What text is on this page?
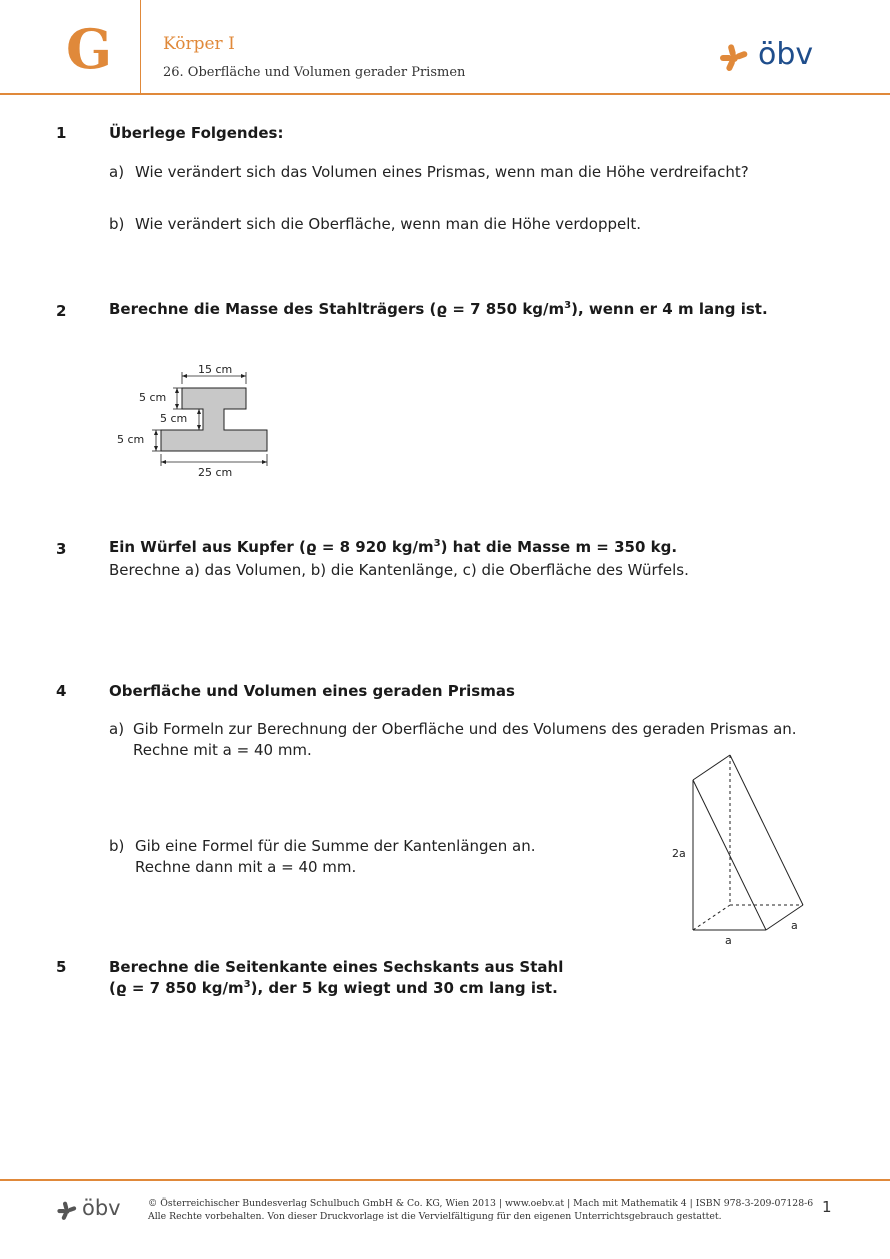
G	Körper I
26. Oberfläche und Volumen gerader Prismen
öbv
1	Überlege Folgendes:
a) Wie verändert sich das Volumen eines Prismas, wenn man die Höhe verdreifacht?
b) Wie verändert sich die Oberfläche, wenn man die Höhe verdoppelt.
2	Berechne die Masse des Stahlträgers (ϱ = 7 850 $kg/m^3$), wenn er 4 m lang ist.
15 cm
5 cm
5 cm
5 cm
25 cm
3	Ein Würfel aus Kupfer (ϱ = 8 920 $kg/m^3$) hat die Masse m = 350 kg.
Berechne a) das Volumen, b) die Kantenlänge, c) die Oberfläche des Würfels.
4	Oberfläche und Volumen eines geraden Prismas
a) Gib Formeln zur Berechnung der Oberfläche und des Volumens des geraden Prismas an.
Rechne mit a = 40 mm.
b) Gib eine Formel für die Summe der Kantenlängen an.
Rechne dann mit a = 40 mm.
2a
a
a
5	Berechne die Seitenkante eines Sechskants aus Stahl
(ϱ = 7 850 $kg/m^3$), der 5 kg wiegt und 30 cm lang ist.
öbv	© Österreichischer Bundesverlag Schulbuch GmbH & Co. KG, Wien 2013 | www.oebv.at | Mach mit Mathematik 4 | ISBN 978-3-209-07128-6
Alle Rechte vorbehalten. Von dieser Druckvorlage ist die Vervielfältigung für den eigenen Unterrichtsgebrauch gestattet.
1
